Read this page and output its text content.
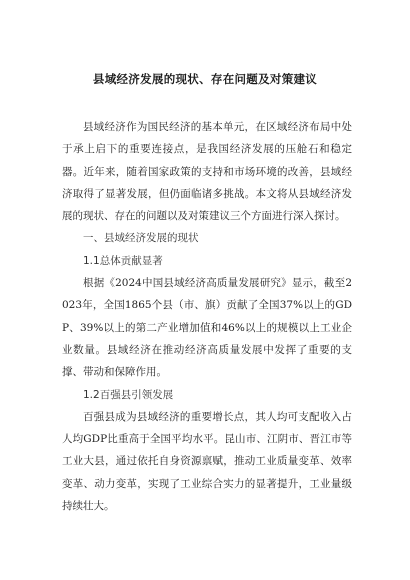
县域经济发展的现状、存在问题及对策建议

县域经济作为国民经济的基本单元，在区域经济布局中处于承上启下的重要连接点，是我国经济发展的压舱石和稳定器。近年来，随着国家政策的支持和市场环境的改善，县域经济取得了显著发展，但仍面临诸多挑战。本文将从县域经济发展的现状、存在的问题以及对策建议三个方面进行深入探讨。

一、县域经济发展的现状

1.1总体贡献显著

根据《2024中国县域经济高质量发展研究》显示，截至2023年，全国1865个县（市、旗）贡献了全国37%以上的GDP、39%以上的第二产业增加值和46%以上的规模以上工业企业数量。县域经济在推动经济高质量发展中发挥了重要的支撑、带动和保障作用。

1.2百强县引领发展

百强县成为县域经济的重要增长点，其人均可支配收入占人均GDP比重高于全国平均水平。昆山市、江阴市、晋江市等工业大县，通过依托自身资源禀赋，推动工业质量变革、效率变革、动力变革，实现了工业综合实力的显著提升，工业量级持续壮大。
